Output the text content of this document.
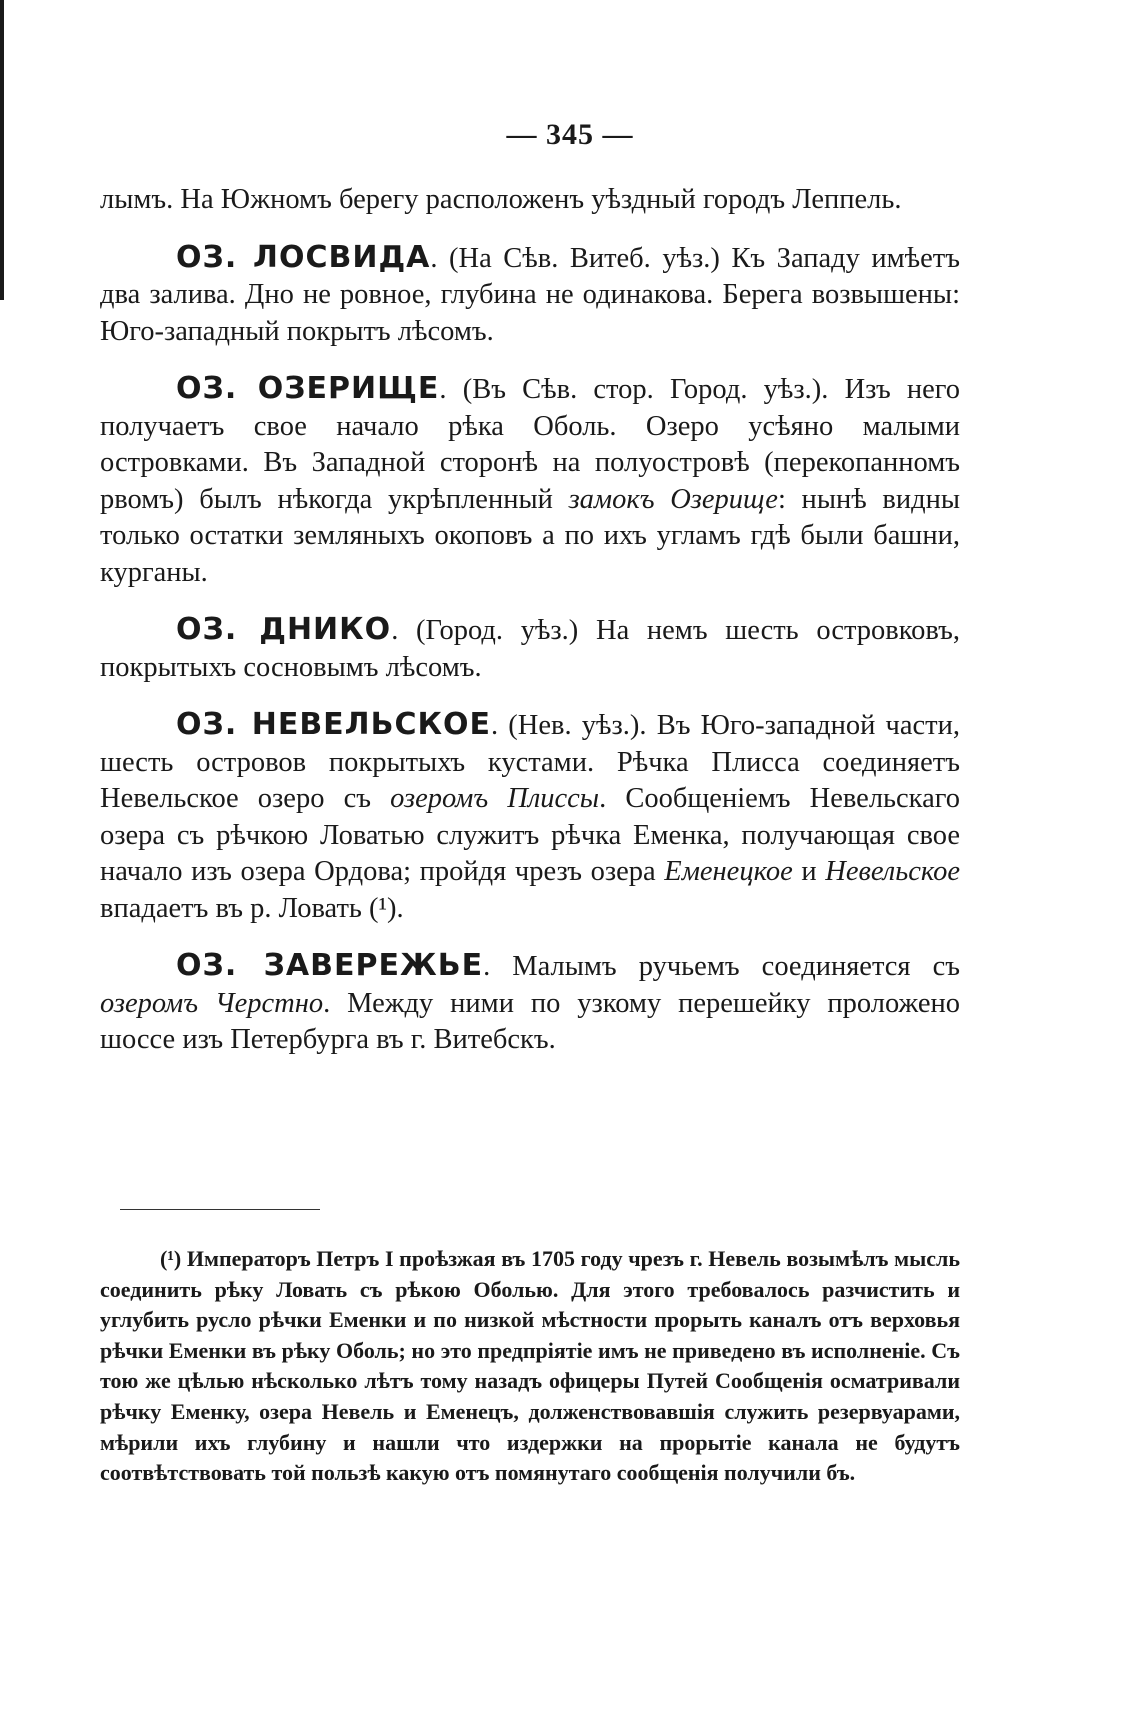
— 345 —

лымъ. На Южномъ берегу расположенъ уѣздный городъ Леппель.

ОЗ. ЛОСВИДА. (На Сѣв. Витеб. уѣз.) Къ Западу имѣетъ два залива. Дно не ровное, глубина не одинакова. Берега возвышены: Юго-западный покрытъ лѣсомъ.

ОЗ. ОЗЕРИЩЕ. (Въ Сѣв. стор. Город. уѣз.). Изъ него получаетъ свое начало рѣка Оболь. Озеро усѣяно малыми островками. Въ Западной сторонѣ на полуостровѣ (перекопанномъ рвомъ) былъ нѣкогда укрѣпленный замокъ Озерище: нынѣ видны только остатки земляныхъ окоповъ а по ихъ угламъ гдѣ были башни, курганы.

ОЗ. ДНИКО. (Город. уѣз.) На немъ шесть островковъ, покрытыхъ сосновымъ лѣсомъ.

ОЗ. НЕВЕЛЬСКОЕ. (Нев. уѣз.). Въ Юго-западной части, шесть островов покрытыхъ кустами. Рѣчка Плисса соединяетъ Невельское озеро съ озеромъ Плиссы. Сообщенiемъ Невельскаго озера съ рѣчкою Ловатью служитъ рѣчка Еменка, получающая свое начало изъ озера Ордова; пройдя чрезъ озера Еменецкое и Невельское впадаетъ въ р. Ловать (¹).

ОЗ. ЗАВЕРЕЖЬЕ. Малымъ ручьемъ соединяется съ озеромъ Черстно. Между ними по узкому перешейку проложено шоссе изъ Петербурга въ г. Витебскъ.

(¹) Императоръ Петръ I проѣзжая въ 1705 году чрезъ г. Невель возымѣлъ мысль соединить рѣку Ловать съ рѣкою Оболью. Для этого требовалось разчистить и углубить русло рѣчки Еменки и по низкой мѣстности прорыть каналъ отъ верховья рѣчки Еменки въ рѣку Оболь; но это предпрiятiе имъ не приведено въ исполненiе. Съ тою же цѣлью нѣсколько лѣтъ тому назадъ офицеры Путей Сообщенiя осматривали рѣчку Еменку, озера Невель и Еменецъ, долженствовавшiя служить резервуарами, мѣрили ихъ глубину и нашли что издержки на прорытiе канала не будутъ соотвѣтствовать той пользѣ какую отъ помянутаго сообщенiя получили бъ.
